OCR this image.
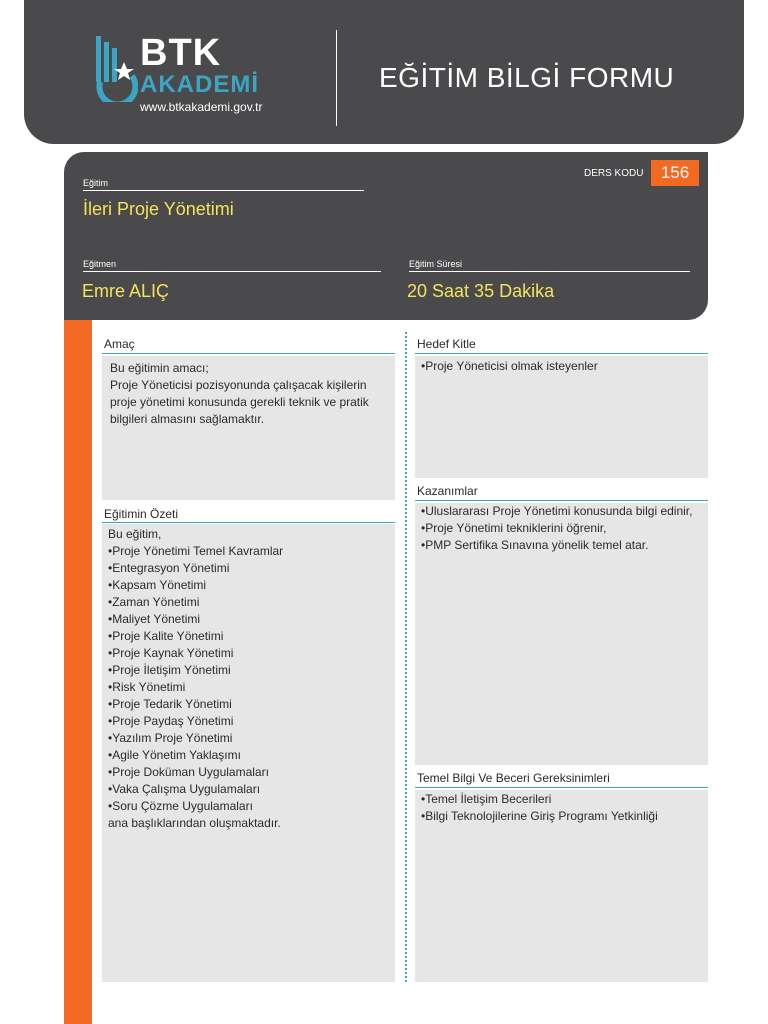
BTK
AKADEMİ
www.btkakademi.gov.tr
EĞİTİM BİLGİ FORMU
Eğitim
İleri Proje Yönetimi
DERS KODU	156
Eğitmen
Emre ALIÇ
Eğitim Süresi
20 Saat 35 Dakika
Amaç
Bu eğitimin amacı;
Proje Yöneticisi pozisyonunda çalışacak kişilerin
proje yönetimi konusunda gerekli teknik ve pratik
bilgileri almasını sağlamaktır.
Hedef Kitle
•Proje Yöneticisi olmak isteyenler
Kazanımlar
•Uluslararası Proje Yönetimi konusunda bilgi edinir,
•Proje Yönetimi tekniklerini öğrenir,
•PMP Sertifika Sınavına yönelik temel atar.
Eğitimin Özeti
Bu eğitim,
•Proje Yönetimi Temel Kavramlar
•Entegrasyon Yönetimi
•Kapsam Yönetimi
•Zaman Yönetimi
•Maliyet Yönetimi
•Proje Kalite Yönetimi
•Proje Kaynak Yönetimi
•Proje İletişim Yönetimi
•Risk Yönetimi
•Proje Tedarik Yönetimi
•Proje Paydaş Yönetimi
•Yazılım Proje Yönetimi
•Agile Yönetim Yaklaşımı
•Proje Doküman Uygulamaları
•Vaka Çalışma Uygulamaları
•Soru Çözme Uygulamaları
ana başlıklarından oluşmaktadır.
Temel Bilgi Ve Beceri Gereksinimleri
•Temel İletişim Becerileri
•Bilgi Teknolojilerine Giriş Programı Yetkinliği
